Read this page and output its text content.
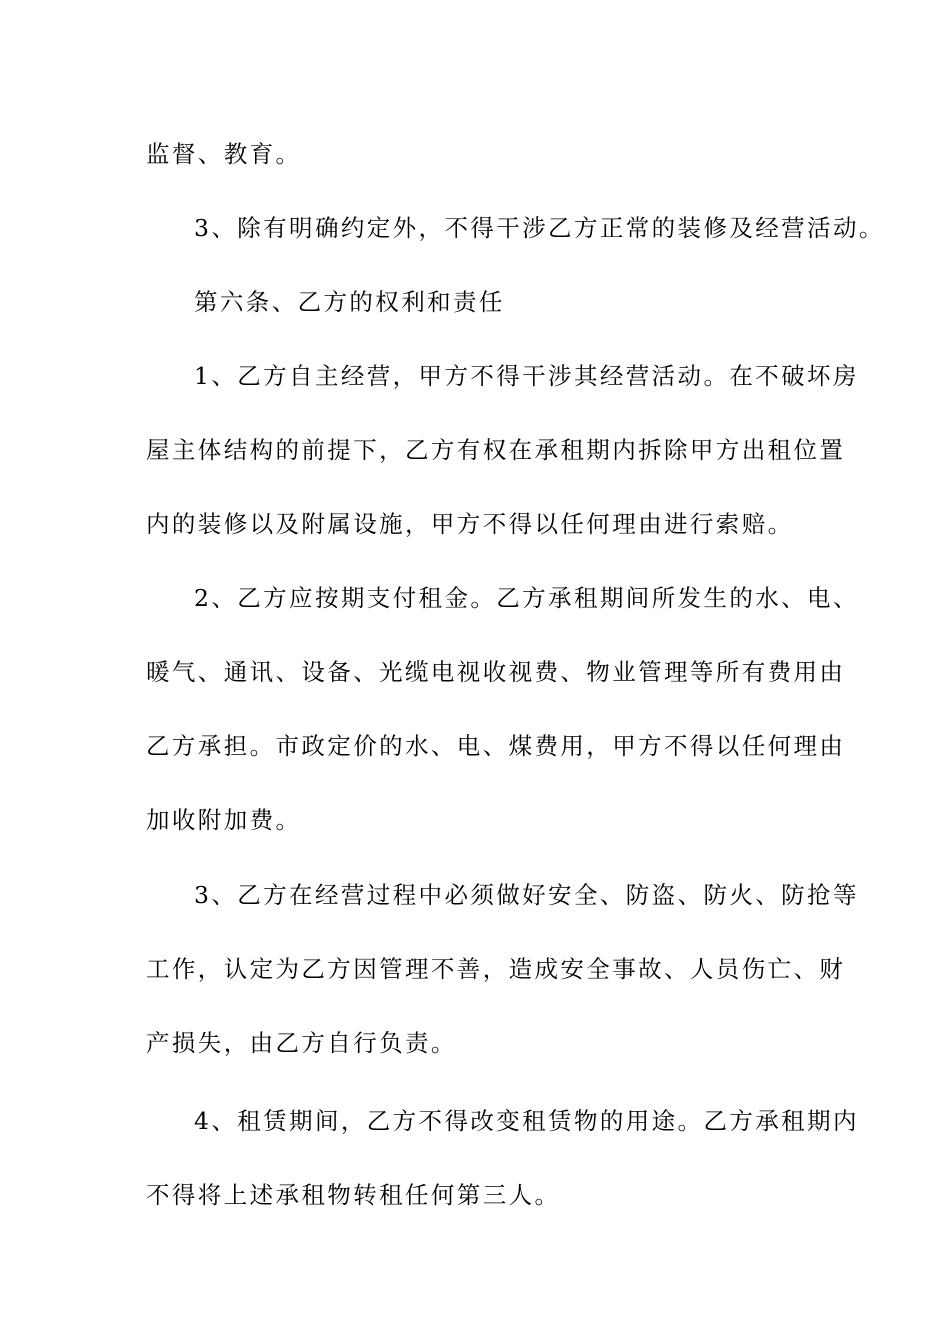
监督、教育。
3、除有明确约定外，不得干涉乙方正常的装修及经营活动。
第六条、乙方的权利和责任
1、乙方自主经营，甲方不得干涉其经营活动。在不破坏房
屋主体结构的前提下，乙方有权在承租期内拆除甲方出租位置
内的装修以及附属设施，甲方不得以任何理由进行索赔。
2、乙方应按期支付租金。乙方承租期间所发生的水、电、
暖气、通讯、设备、光缆电视收视费、物业管理等所有费用由
乙方承担。市政定价的水、电、煤费用，甲方不得以任何理由
加收附加费。
3、乙方在经营过程中必须做好安全、防盗、防火、防抢等
工作，认定为乙方因管理不善，造成安全事故、人员伤亡、财
产损失，由乙方自行负责。
4、租赁期间，乙方不得改变租赁物的用途。乙方承租期内
不得将上述承租物转租任何第三人。
